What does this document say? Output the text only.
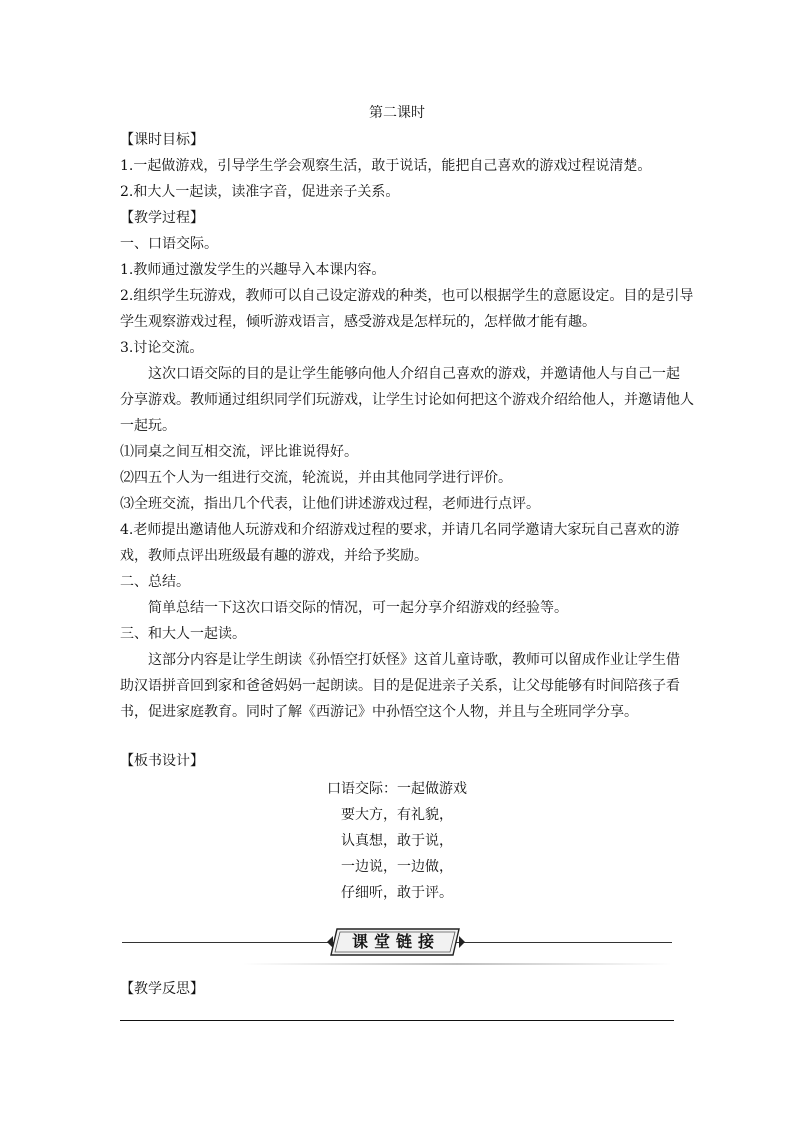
第二课时

【课时目标】

1.一起做游戏，引导学生学会观察生活，敢于说话，能把自己喜欢的游戏过程说清楚。

2.和大人一起读，读准字音，促进亲子关系。

【教学过程】

一、口语交际。

1.教师通过激发学生的兴趣导入本课内容。

2.组织学生玩游戏，教师可以自己设定游戏的种类，也可以根据学生的意愿设定。目的是引导

学生观察游戏过程，倾听游戏语言，感受游戏是怎样玩的，怎样做才能有趣。

3.讨论交流。

这次口语交际的目的是让学生能够向他人介绍自己喜欢的游戏，并邀请他人与自己一起

分享游戏。教师通过组织同学们玩游戏，让学生讨论如何把这个游戏介绍给他人，并邀请他人

一起玩。

⑴同桌之间互相交流，评比谁说得好。

⑵四五个人为一组进行交流，轮流说，并由其他同学进行评价。

⑶全班交流，指出几个代表，让他们讲述游戏过程，老师进行点评。

4.老师提出邀请他人玩游戏和介绍游戏过程的要求，并请几名同学邀请大家玩自己喜欢的游

戏，教师点评出班级最有趣的游戏，并给予奖励。

二、总结。

简单总结一下这次口语交际的情况，可一起分享介绍游戏的经验等。

三、和大人一起读。

这部分内容是让学生朗读《孙悟空打妖怪》这首儿童诗歌，教师可以留成作业让学生借

助汉语拼音回到家和爸爸妈妈一起朗读。目的是促进亲子关系，让父母能够有时间陪孩子看

书，促进家庭教育。同时了解《西游记》中孙悟空这个人物，并且与全班同学分享。

【板书设计】

口语交际：一起做游戏

要大方，有礼貌，

认真想，敢于说，

一边说，一边做，

仔细听，敢于评。

课堂链接
【教学反思】
